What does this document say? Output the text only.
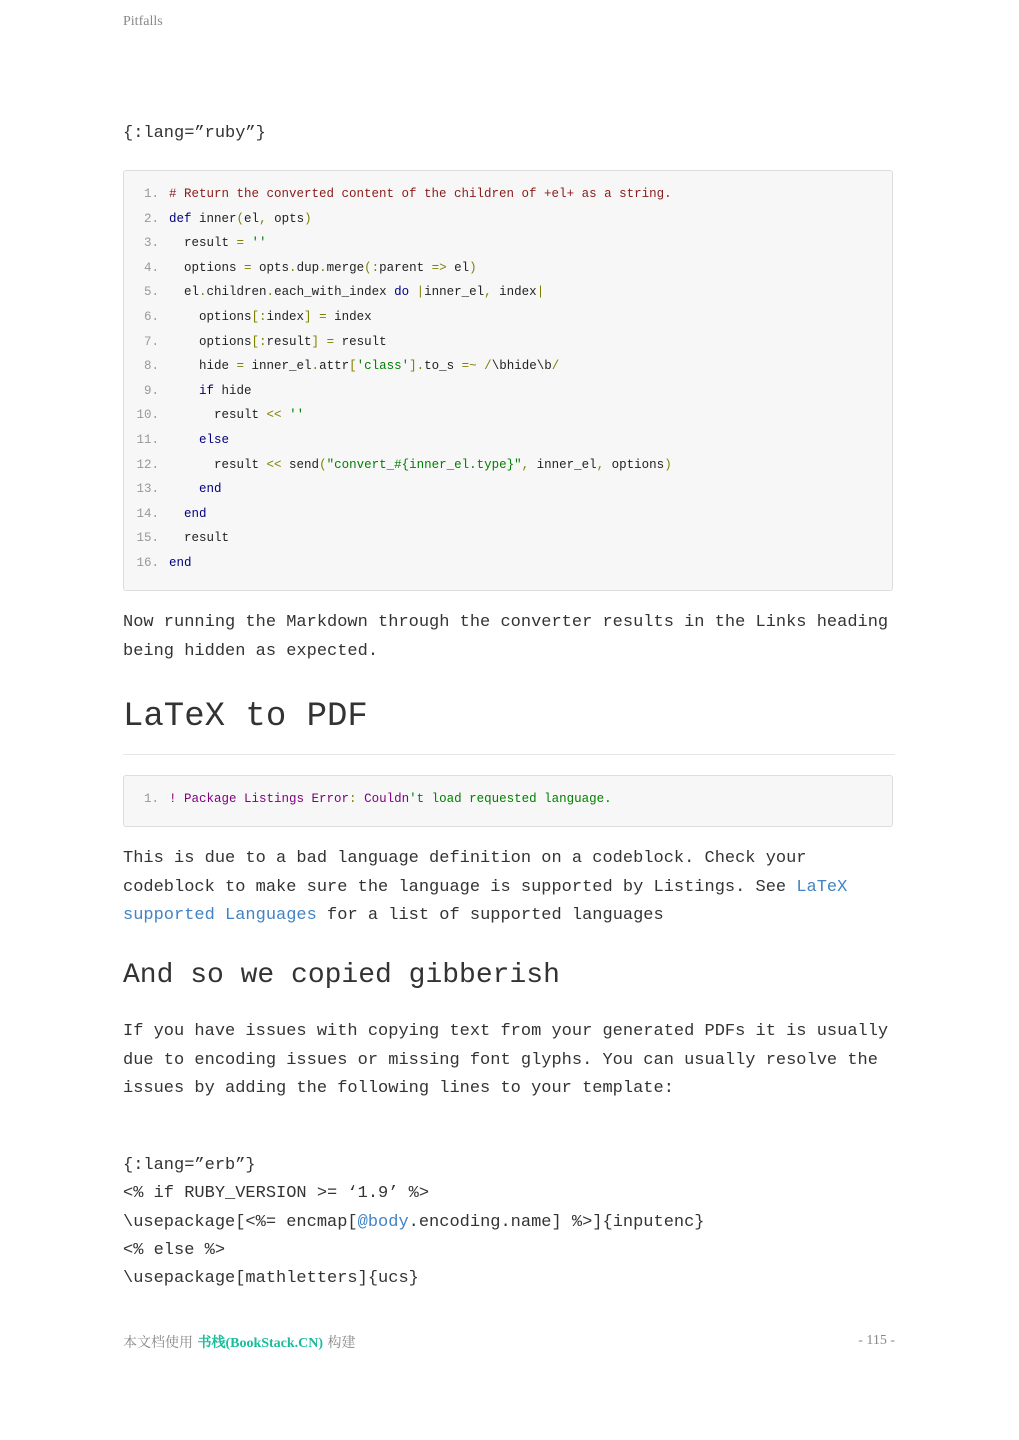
Pitfalls
{:lang=”ruby”}
1. # Return the converted content of the children of +el+ as a string.
2. def inner(el, opts)
3.  result = ''
4.  options = opts.dup.merge(:parent => el)
5.  el.children.each_with_index do |inner_el, index|
6.    options[:index] = index
7.    options[:result] = result
8.    hide = inner_el.attr['class'].to_s =~ /\bhide\b/
9.	if hide
10.      result << ''
11.	else
12.      result << send("convert_#{inner_el.type}", inner_el, options)
13.	end
14. end
15.  result
16. end
Now running the Markdown through the converter results in the Links heading being hidden as expected.
LaTeX to PDF
1. ! Package Listings Error: Couldn't load requested language.
This is due to a bad language definition on a codeblock. Check your codeblock to make sure the language is supported by Listings. See LaTeX supported Languages for a list of supported languages
And so we copied gibberish
If you have issues with copying text from your generated PDFs it is usually due to encoding issues or missing font glyphs. You can usually resolve the issues by adding the following lines to your template:
{:lang=”erb”}
<% if RUBY_VERSION >= ‘1.9’ %>
\usepackage[<%= encmap[@body.encoding.name] %>]{inputenc}
<% else %>
\usepackage[mathletters]{ucs}
本文档使用 书栈(BookStack.CN) 构建	- 115 -
